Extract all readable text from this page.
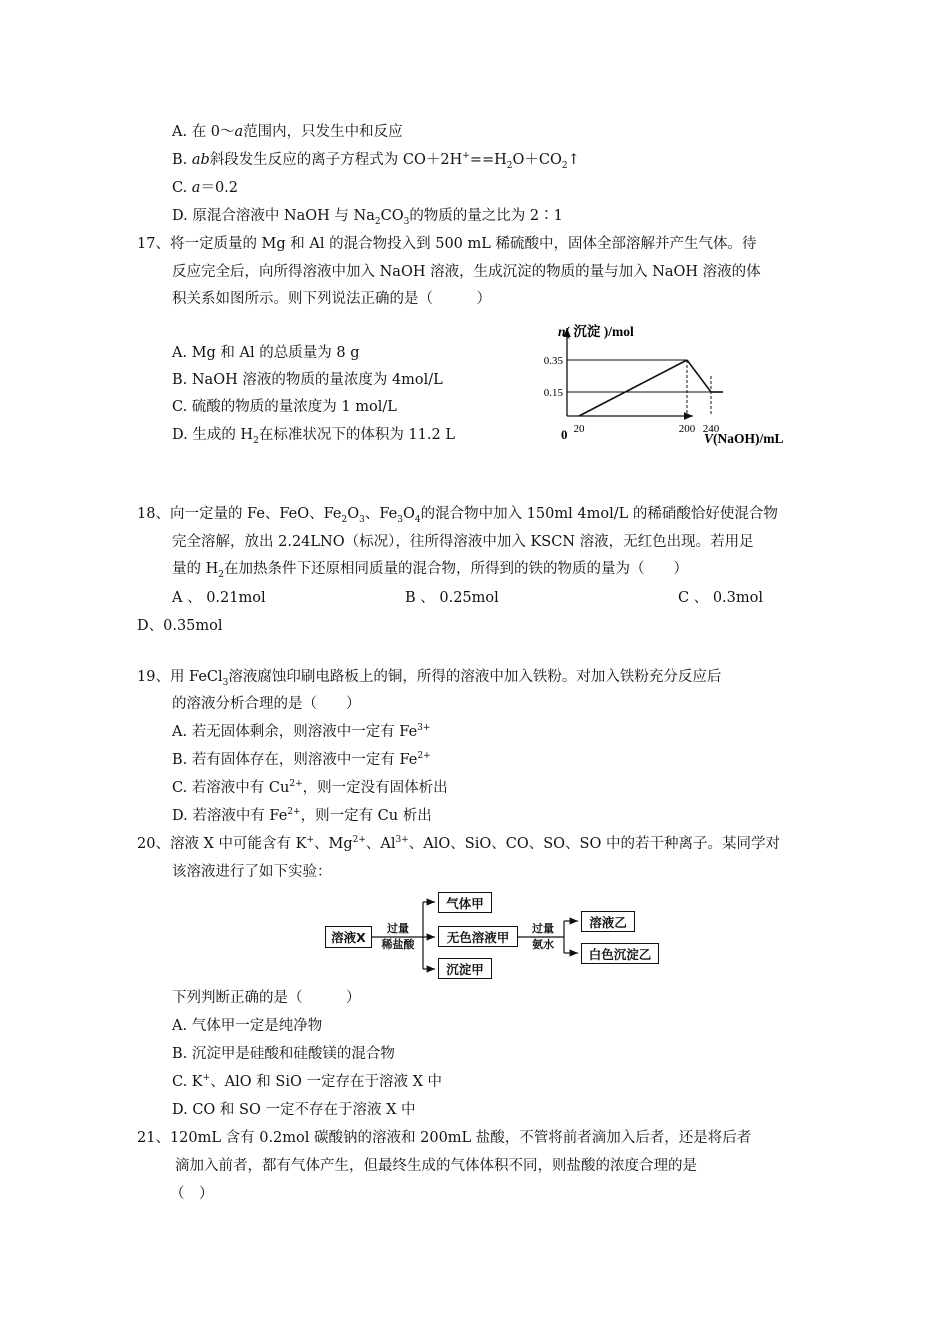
A. 在 0～a范围内，只发生中和反应
B. ab斜段发生反应的离子方程式为 $CO+2H^+==H_2O+CO_2↑$
C. a＝0.2
D. 原混合溶液中 NaOH 与 $Na_2CO_3$的物质的量之比为 2∶1
17、将一定质量的 Mg 和 Al 的混合物投入到 500 mL 稀硫酸中，固体全部溶解并产生气体。待
反应完全后，向所得溶液中加入 NaOH 溶液，生成沉淀的物质的量与加入 NaOH 溶液的体
积关系如图所示。则下列说法正确的是（　　　）
A. Mg 和 Al 的总质量为 8 g
B. NaOH 溶液的物质的量浓度为 4mol/L
C. 硫酸的物质的量浓度为 1 mol/L
D. 生成的 $H_2$在标准状况下的体积为 11.2 L
n( 沉淀 )/mol
V(NaOH)/mL
0
0.35
0.15
20	200 240
18、向一定量的 Fe、FeO、$Fe_2O_3$、$Fe_3O_4$的混合物中加入 150ml 4mol/L 的稀硝酸恰好使混合物
完全溶解，放出 2.24LNO（标况），往所得溶液中加入 KSCN 溶液，无红色出现。若用足
量的 $H_2$在加热条件下还原相同质量的混合物，所得到的铁的物质的量为（　　）
A 、 0.21mol	B 、 0.25mol	C 、 0.3mol
D、0.35mol
19、用 FeCl$_3$溶液腐蚀印刷电路板上的铜，所得的溶液中加入铁粉。对加入铁粉充分反应后
的溶液分析合理的是（　　）
A. 若无固体剩余，则溶液中一定有 $Fe^{3+}$
B. 若有固体存在，则溶液中一定有 $Fe^{2+}$
C. 若溶液中有 $Cu^{2+}$，则一定没有固体析出
D. 若溶液中有 $Fe^{2+}$，则一定有 Cu 析出
20、溶液 X 中可能含有 K+、$Mg^{2+}$、$Al^{3+}$、AlO、SiO、CO、SO、SO 中的若干种离子。某同学对
该溶液进行了如下实验：
溶液X
过量
稀盐酸
气体甲
无色溶液甲
沉淀甲
过量
氨水
溶液乙
白色沉淀乙
下列判断正确的是（　　　）
A. 气体甲一定是纯净物
B. 沉淀甲是硅酸和硅酸镁的混合物
C. K+、AlO 和 SiO 一定存在于溶液 X 中
D. CO 和 SO 一定不存在于溶液 X 中
21、120mL 含有 0.2mol 碳酸钠的溶液和 200mL 盐酸，不管将前者滴加入后者，还是将后者
滴加入前者，都有气体产生，但最终生成的气体体积不同，则盐酸的浓度合理的是
（　）
